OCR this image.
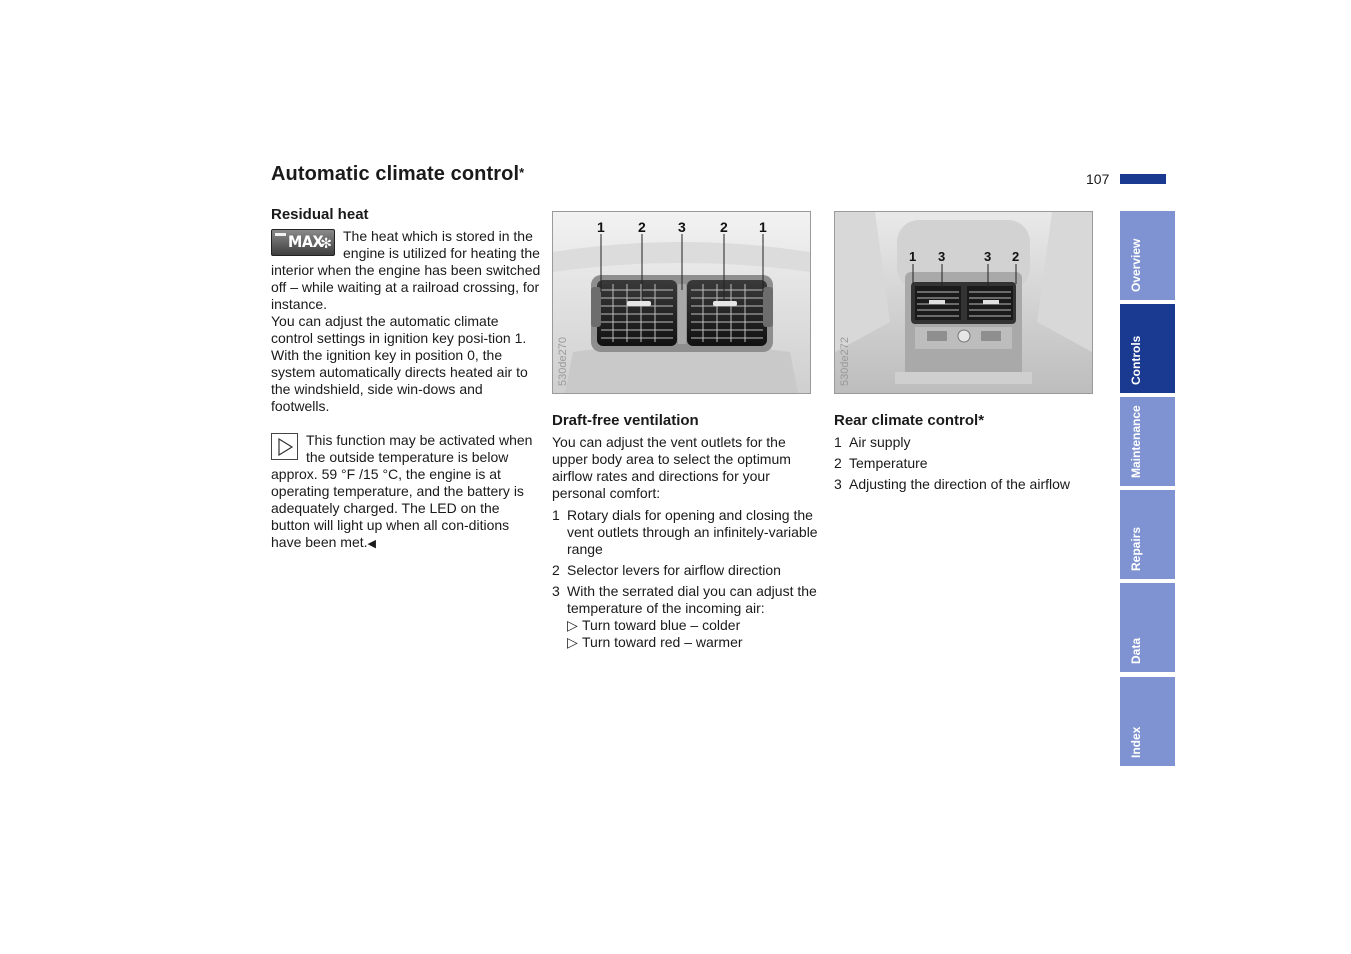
Automatic climate control*	107
Residual heat
MAX
✻ The heat which is stored in the engine is utilized for heating the interior when the engine has been switched off – while waiting at a railroad crossing, for instance.

You can adjust the automatic climate control settings in ignition key posi-tion 1. With the ignition key in position 0, the system automatically directs heated air to the windshield, side win-dows and footwells.

This function may be activated when the outside temperature is below approx. 59 °F /15 °C, the engine is at operating temperature, and the battery is adequately charged. The LED on the button will light up when all con-ditions have been met.◀

1 2 3 2 1
530de270
1 3	3 2
530de272
Draft-free ventilation

You can adjust the vent outlets for the upper body area to select the optimum airflow rates and directions for your personal comfort:

1 Rotary dials for opening and closing the vent outlets through an infinitely-variable range
2 Selector levers for airflow direction
3 With the serrated dial you can adjust the temperature of the incoming air:
▷ Turn toward blue – colder
▷ Turn toward red – warmer
Rear climate control*
1 Air supply
2 Temperature
3 Adjusting the direction of the airflow
Overview
Controls
Maintenance
Repairs
Data
Index
